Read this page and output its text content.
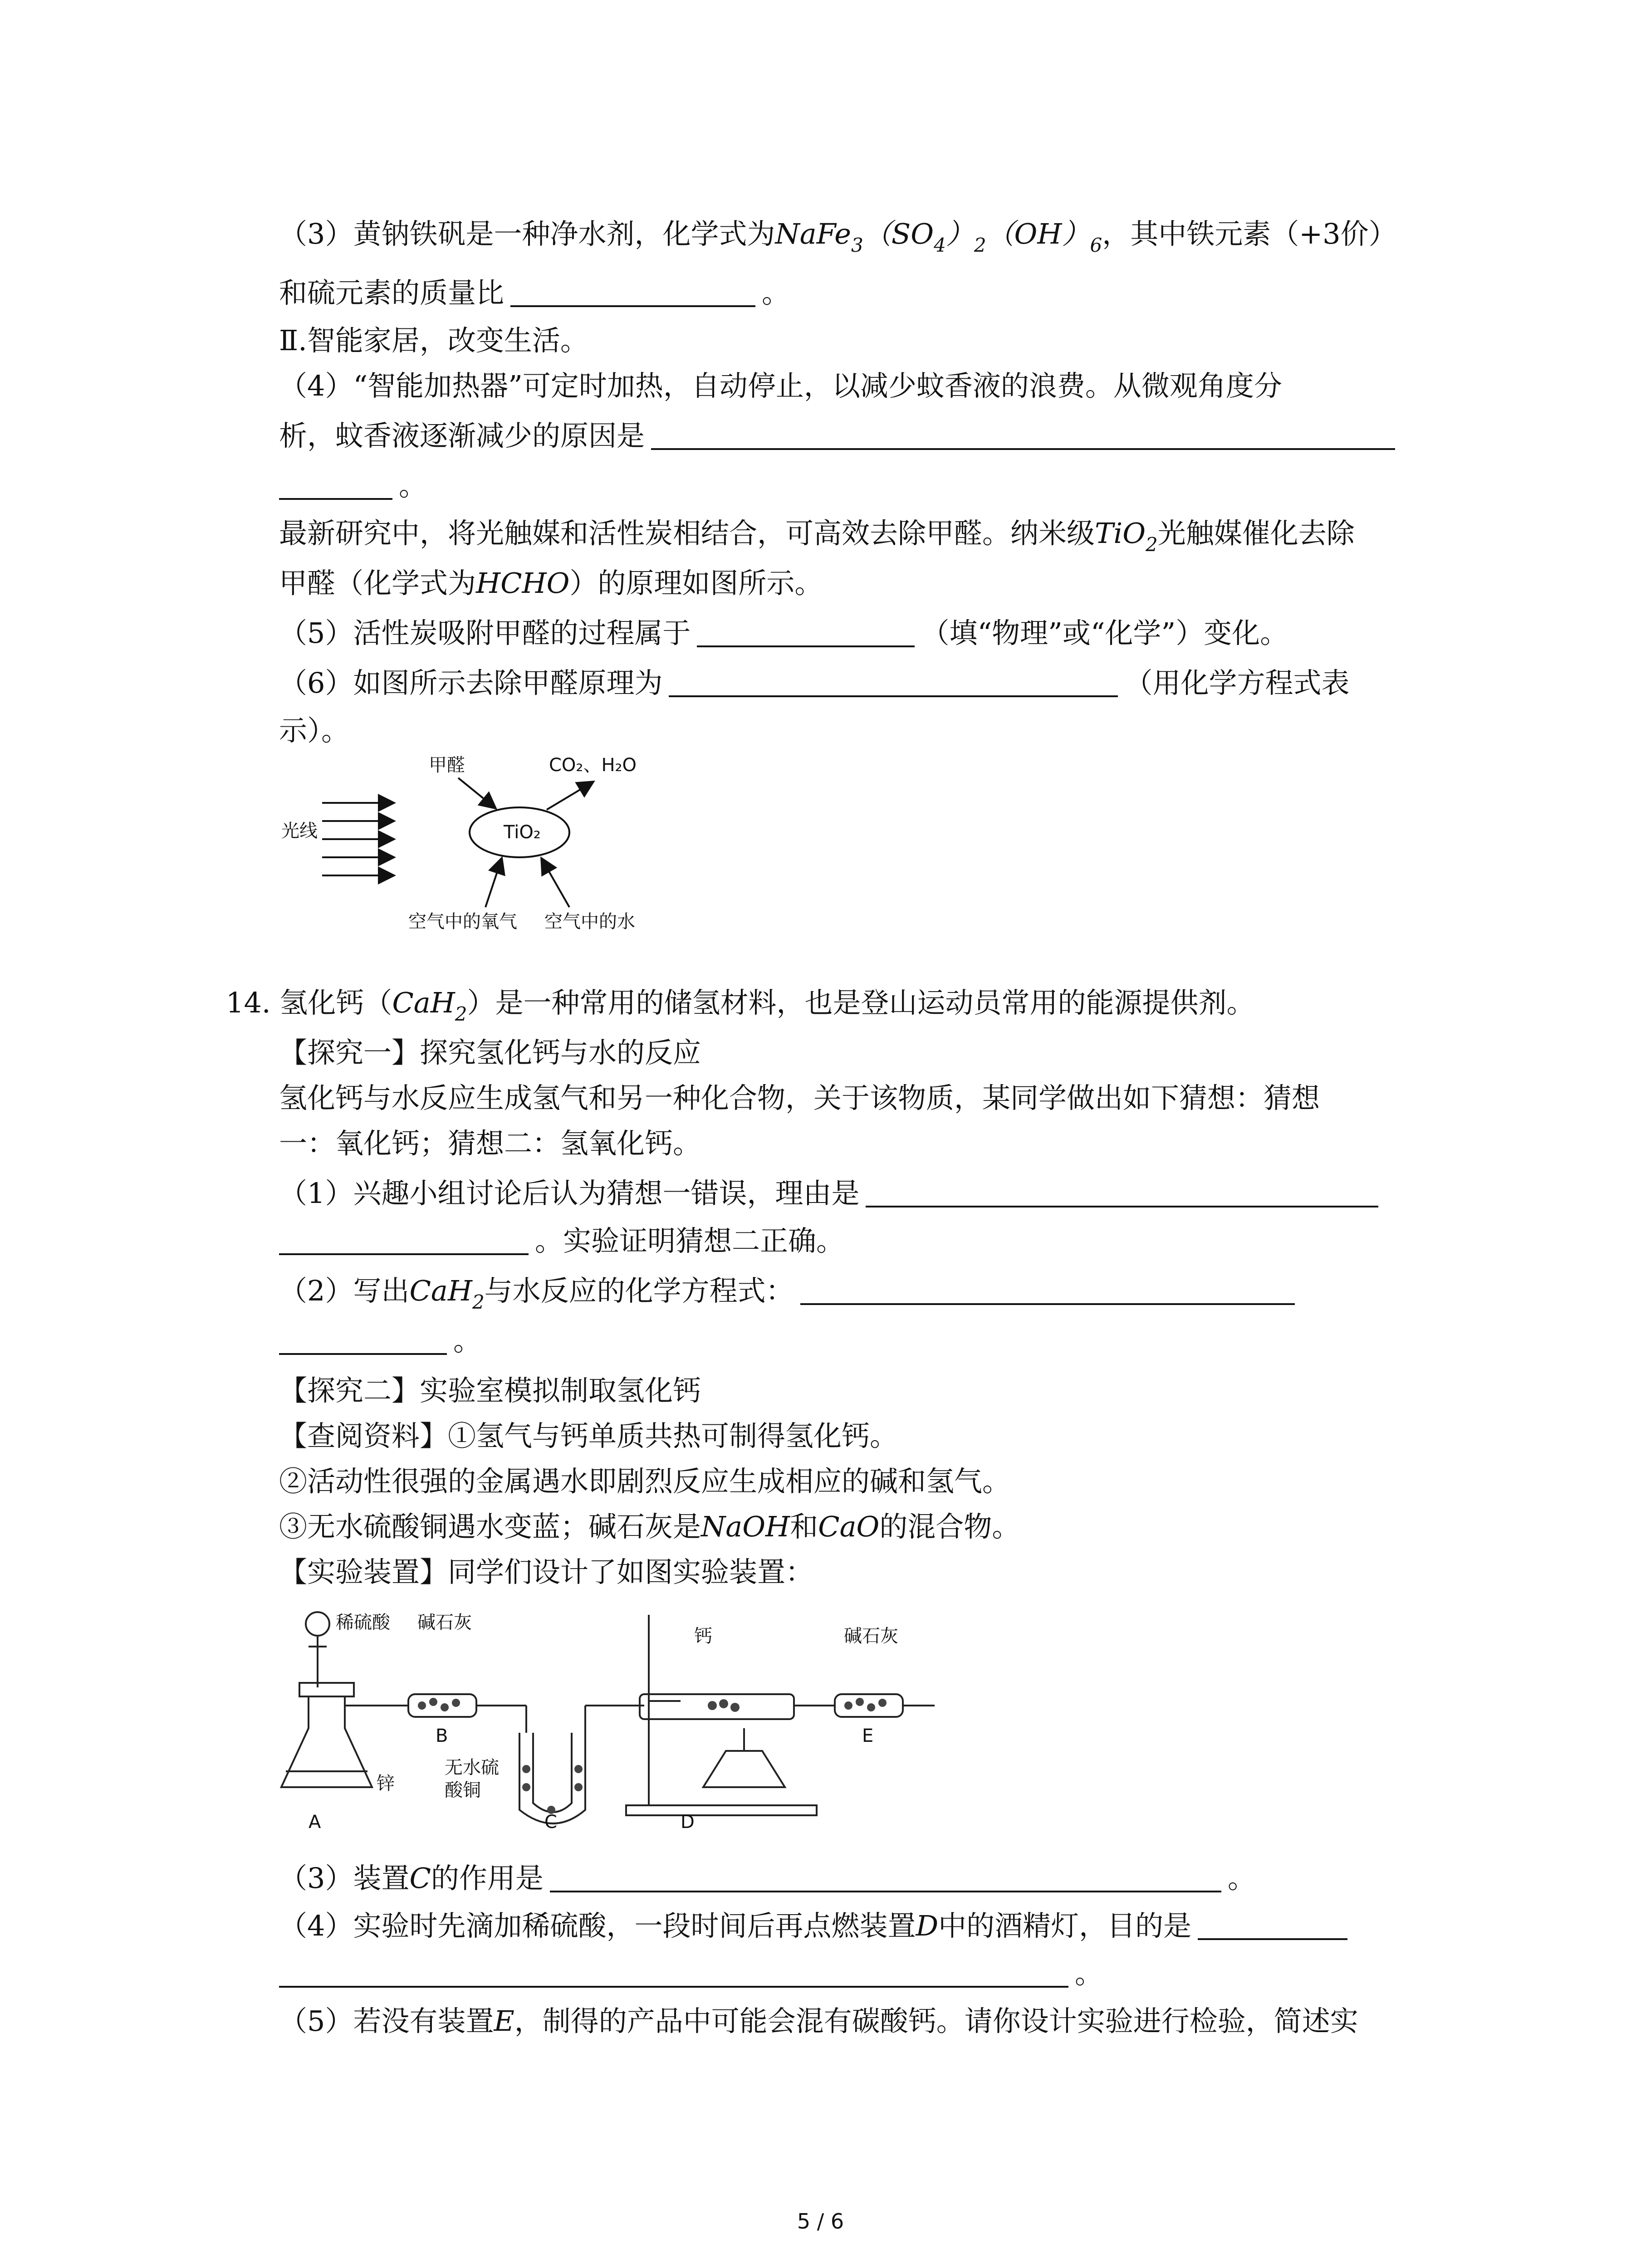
（3）黄钠铁矾是一种净水剂，化学式为$NaFe_3(SO_4)_2(OH)_6$，其中铁元素（+3价）
和硫元素的质量比	。
Ⅱ.智能家居，改变生活。
（4）“智能加热器”可定时加热，自动停止，以减少蚊香液的浪费。从微观角度分
析，蚊香液逐渐减少的原因是
。
最新研究中，将光触媒和活性炭相结合，可高效去除甲醛。纳米级TiO$_2$光触媒催化去除
甲醛（化学式为HCHO）的原理如图所示。
（5）活性炭吸附甲醛的过程属于	（填“物理”或“化学”）变化。
（6）如图所示去除甲醛原理为	（用化学方程式表
示）。
甲醛	CO₂、H₂O
光线	TiO₂
空气中的氧气 空气中的水
14. 氢化钙（CaH$_2$）是一种常用的储氢材料，也是登山运动员常用的能源提供剂。
【探究一】探究氢化钙与水的反应
氢化钙与水反应生成氢气和另一种化合物，关于该物质，某同学做出如下猜想：猜想
一：氧化钙；猜想二：氢氧化钙。
（1）兴趣小组讨论后认为猜想一错误，理由是
。实验证明猜想二正确。
（2）写出CaH$_2$与水反应的化学方程式：
。
【探究二】实验室模拟制取氢化钙
【查阅资料】①氢气与钙单质共热可制得氢化钙。
②活动性很强的金属遇水即剧烈反应生成相应的碱和氢气。
③无水硫酸铜遇水变蓝；碱石灰是NaOH和CaO的混合物。
【实验装置】同学们设计了如图实验装置：
稀硫酸
锌
碱石灰
B
无水硫
酸铜
A	C
钙
D
碱石灰
E
（3）装置C的作用是	。
（4）实验时先滴加稀硫酸，一段时间后再点燃装置D中的酒精灯，目的是
。
（5）若没有装置E，制得的产品中可能会混有碳酸钙。请你设计实验进行检验，简述实
5 / 6
